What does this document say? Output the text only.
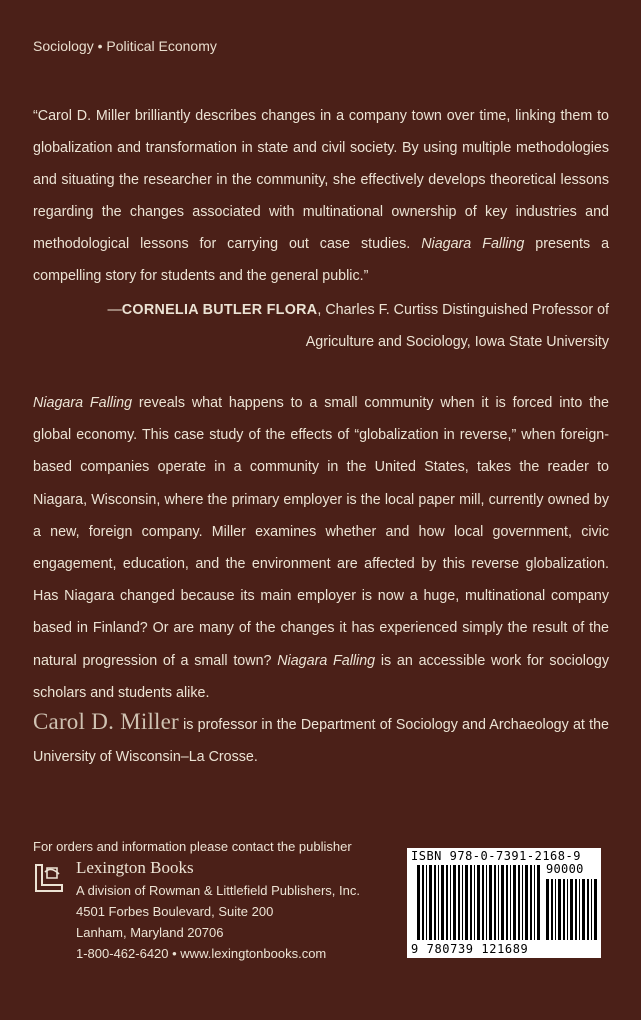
Sociology • Political Economy

“Carol D. Miller brilliantly describes changes in a company town over time, linking them to globalization and transformation in state and civil society. By using multiple methodologies and situating the researcher in the community, she effectively develops theoretical lessons regarding the changes associated with multinational ownership of key industries and methodological lessons for carrying out case studies. Niagara Falling presents a compelling story for students and the general public.”

—CORNELIA BUTLER FLORA, Charles F. Curtiss Distinguished Professor of
Agriculture and Sociology, Iowa State University

Niagara Falling reveals what happens to a small community when it is forced into the global economy. This case study of the effects of “globalization in reverse,” when foreign-based companies operate in a community in the United States, takes the reader to Niagara, Wisconsin, where the primary employer is the local paper mill, currently owned by a new, foreign company. Miller examines whether and how local government, civic engagement, education, and the environment are affected by this reverse globalization. Has Niagara changed because its main employer is now a huge, multinational company based in Finland? Or are many of the changes it has experienced simply the result of the natural progression of a small town? Niagara Falling is an accessible work for sociology scholars and students alike.

Carol D. Miller is professor in the Department of Sociology and Archaeology at the University of Wisconsin–La Crosse.

For orders and information please contact the publisher
Lexington Books
A division of Rowman & Littlefield Publishers, Inc.
4501 Forbes Boulevard, Suite 200
Lanham, Maryland 20706
1-800-462-6420 • www.lexingtonbooks.com
ISBN 978-0-7391-2168-9
90000
9 780739 121689
